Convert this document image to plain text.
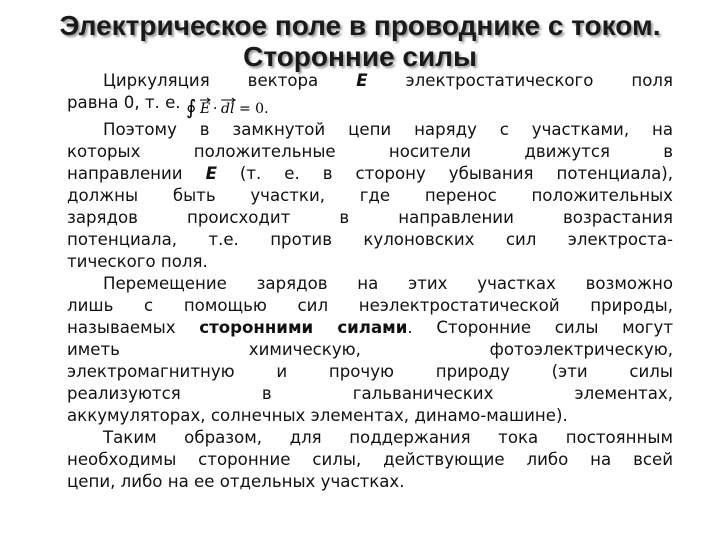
Электрическое поле в проводнике с током.
Сторонние силы
Циркуляция вектора E электростатического поля
равна 0, т. е. ∮ E · dl = 0.
Поэтому в замкнутой цепи наряду с участками, на
которых положительные носители движутся в
направлении E (т. е. в сторону убывания потенциала),
должны быть участки, где перенос положительных
зарядов происходит в направлении возрастания
потенциала, т.е. против кулоновских сил электроста-
тического поля.
Перемещение зарядов на этих участках возможно
лишь с помощью сил неэлектростатической природы,
называемых сторонними силами. Сторонние силы могут
иметь химическую, фотоэлектрическую,
электромагнитную и прочую природу (эти силы
реализуются в гальванических элементах,
аккумуляторах, солнечных элементах, динамо-машине).
Таким образом, для поддержания тока постоянным
необходимы сторонние силы, действующие либо на всей
цепи, либо на ее отдельных участках.
